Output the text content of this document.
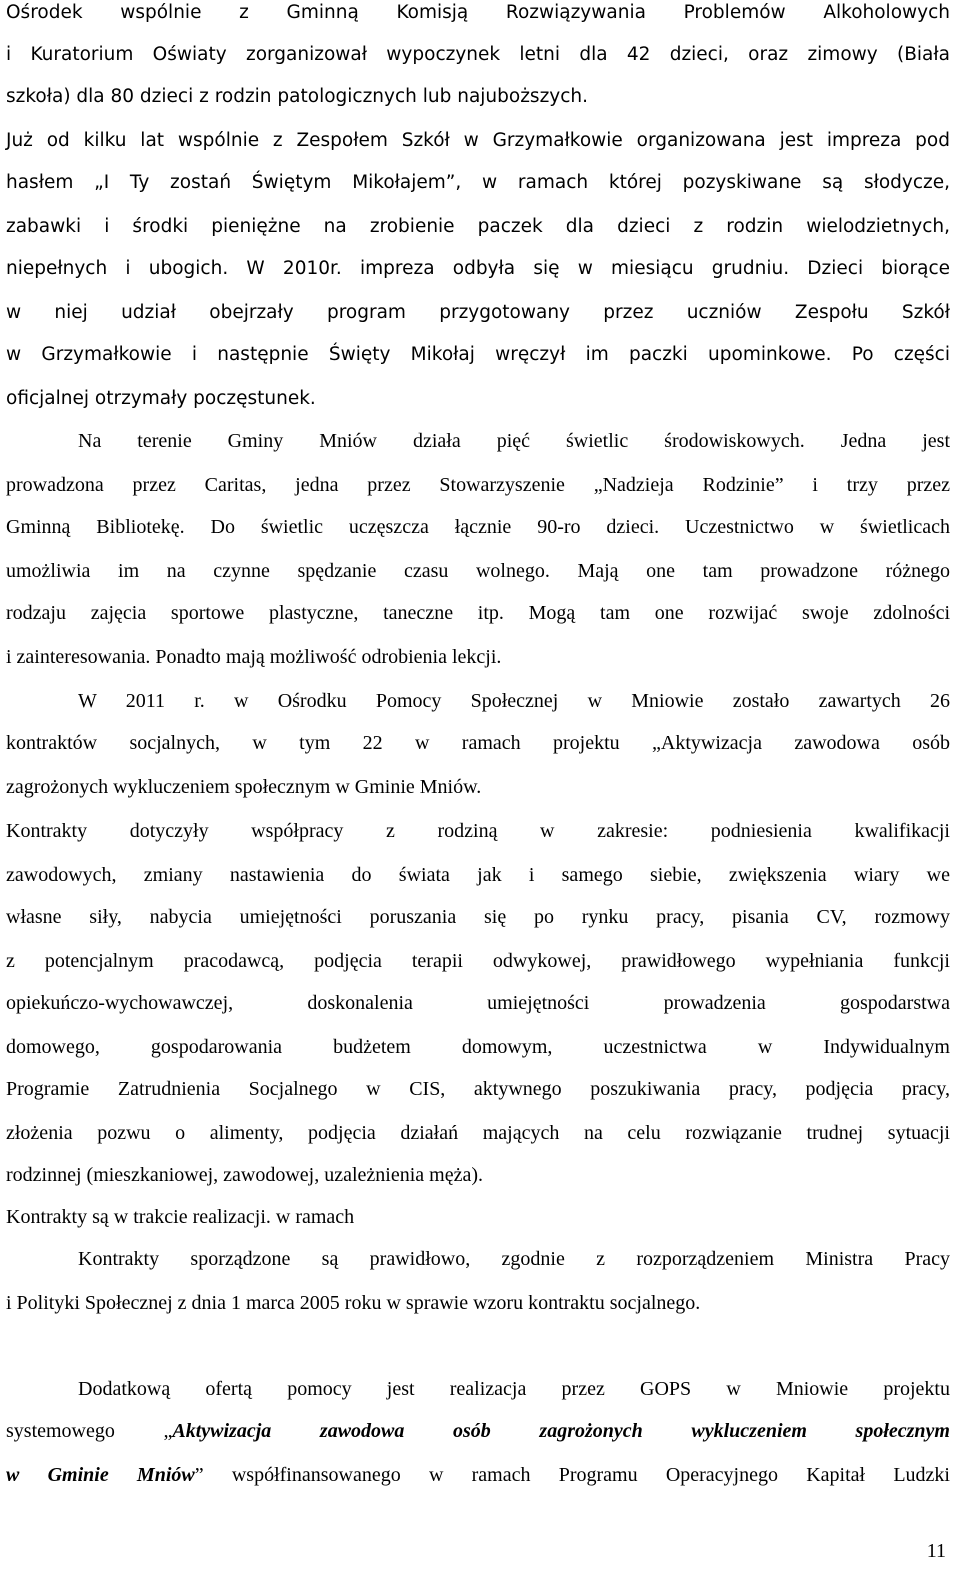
Ośrodek wspólnie z Gminną Komisją Rozwiązywania Problemów Alkoholowych
i Kuratorium Oświaty zorganizował wypoczynek letni dla 42 dzieci, oraz zimowy (Biała
szkoła) dla 80 dzieci z rodzin patologicznych lub najuboższych.
Już od kilku lat wspólnie z Zespołem Szkół w Grzymałkowie organizowana jest impreza pod
hasłem „I Ty zostań Świętym Mikołajem”, w ramach której pozyskiwane są słodycze,
zabawki i środki pieniężne na zrobienie paczek dla dzieci z rodzin wielodzietnych,
niepełnych i ubogich. W 2010r. impreza odbyła się w miesiącu grudniu. Dzieci biorące
w niej udział obejrzały program przygotowany przez uczniów Zespołu Szkół
w Grzymałkowie i następnie Święty Mikołaj wręczył im paczki upominkowe. Po części
oficjalnej otrzymały poczęstunek.
Na terenie Gminy Mniów działa pięć świetlic środowiskowych. Jedna jest
prowadzona przez Caritas, jedna przez Stowarzyszenie „Nadzieja Rodzinie” i trzy przez
Gminną Bibliotekę. Do świetlic uczęszcza łącznie 90-ro dzieci. Uczestnictwo w świetlicach
umożliwia im na czynne spędzanie czasu wolnego. Mają one tam prowadzone różnego
rodzaju zajęcia sportowe plastyczne, taneczne itp. Mogą tam one rozwijać swoje zdolności
i zainteresowania. Ponadto mają możliwość odrobienia lekcji.
W 2011 r. w Ośrodku Pomocy Społecznej w Mniowie zostało zawartych 26
kontraktów socjalnych, w tym 22 w ramach projektu „Aktywizacja zawodowa osób
zagrożonych wykluczeniem społecznym w Gminie Mniów.
Kontrakty dotyczyły współpracy z rodziną w zakresie: podniesienia kwalifikacji
zawodowych, zmiany nastawienia do świata jak i samego siebie, zwiększenia wiary we
własne siły, nabycia umiejętności poruszania się po rynku pracy, pisania CV, rozmowy
z potencjalnym pracodawcą, podjęcia terapii odwykowej, prawidłowego wypełniania funkcji
opiekuńczo-wychowawczej, doskonalenia umiejętności prowadzenia gospodarstwa
domowego, gospodarowania budżetem domowym, uczestnictwa w Indywidualnym
Programie Zatrudnienia Socjalnego w CIS, aktywnego poszukiwania pracy, podjęcia pracy,
złożenia pozwu o alimenty, podjęcia działań mających na celu rozwiązanie trudnej sytuacji
rodzinnej (mieszkaniowej, zawodowej, uzależnienia męża).
Kontrakty są w trakcie realizacji. w ramach
Kontrakty sporządzone są prawidłowo, zgodnie z rozporządzeniem Ministra Pracy
i Polityki Społecznej z dnia 1 marca 2005 roku w sprawie wzoru kontraktu socjalnego.
Dodatkową ofertą pomocy jest realizacja przez GOPS w Mniowie projektu
systemowego „Aktywizacja zawodowa osób zagrożonych wykluczeniem społecznym
w Gminie Mniów” współfinansowanego w ramach Programu Operacyjnego Kapitał Ludzki
11
